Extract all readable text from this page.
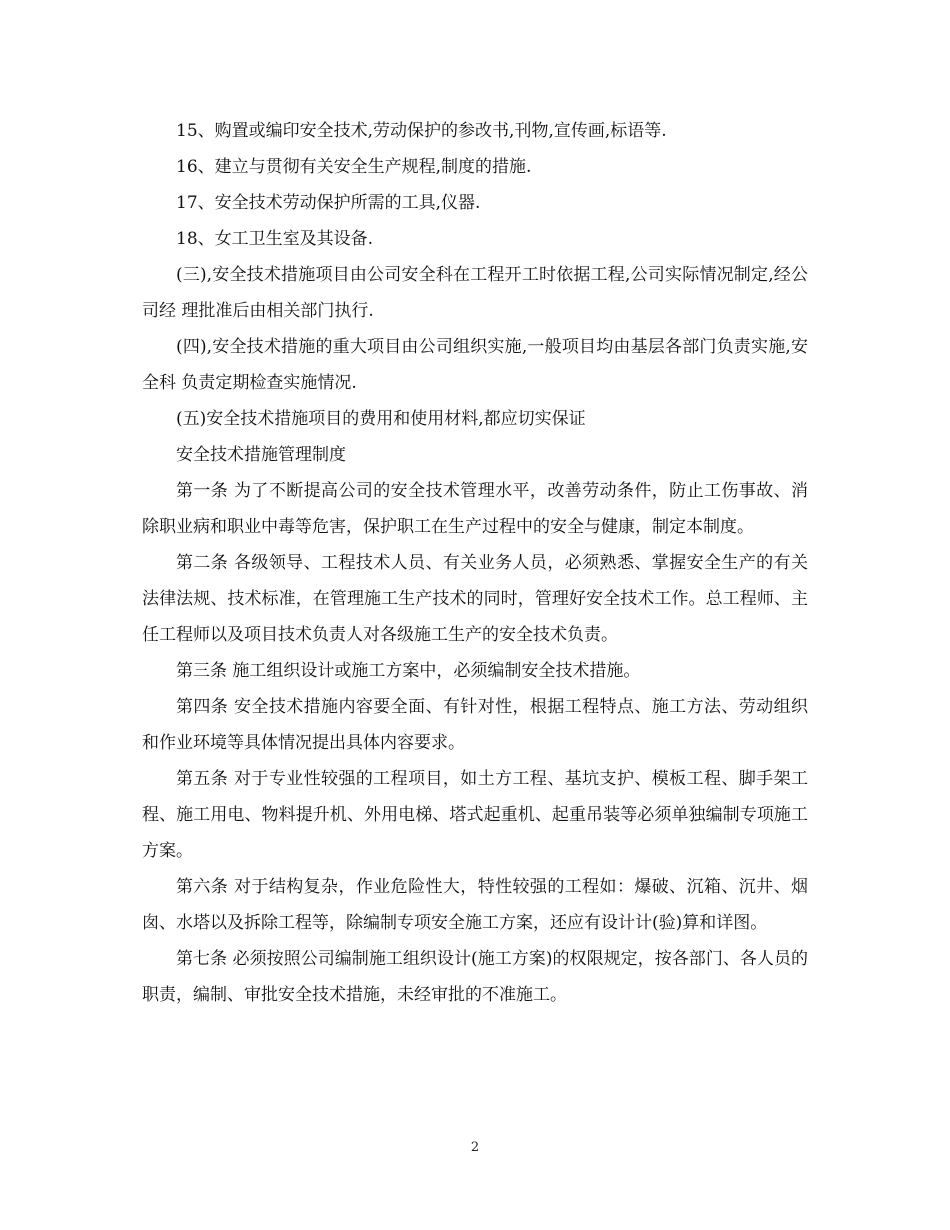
15、购置或编印安全技术,劳动保护的参改书,刊物,宣传画,标语等.

16、建立与贯彻有关安全生产规程,制度的措施.

17、安全技术劳动保护所需的工具,仪器.

18、女工卫生室及其设备.

(三),安全技术措施项目由公司安全科在工程开工时依据工程,公司实际情况制定,经公司经 理批准后由相关部门执行.

(四),安全技术措施的重大项目由公司组织实施,一般项目均由基层各部门负责实施,安全科 负责定期检查实施情况.

(五)安全技术措施项目的费用和使用材料,都应切实保证

安全技术措施管理制度

第一条 为了不断提高公司的安全技术管理水平，改善劳动条件，防止工伤事故、消除职业病和职业中毒等危害，保护职工在生产过程中的安全与健康，制定本制度。

第二条 各级领导、工程技术人员、有关业务人员，必须熟悉、掌握安全生产的有关法律法规、技术标准，在管理施工生产技术的同时，管理好安全技术工作。总工程师、主任工程师以及项目技术负责人对各级施工生产的安全技术负责。

第三条 施工组织设计或施工方案中，必须编制安全技术措施。

第四条 安全技术措施内容要全面、有针对性，根据工程特点、施工方法、劳动组织和作业环境等具体情况提出具体内容要求。

第五条 对于专业性较强的工程项目，如土方工程、基坑支护、模板工程、脚手架工程、施工用电、物料提升机、外用电梯、塔式起重机、起重吊装等必须单独编制专项施工方案。

第六条 对于结构复杂，作业危险性大，特性较强的工程如：爆破、沉箱、沉井、烟囱、水塔以及拆除工程等，除编制专项安全施工方案，还应有设计计(验)算和详图。

第七条 必须按照公司编制施工组织设计(施工方案)的权限规定，按各部门、各人员的职责，编制、审批安全技术措施，未经审批的不准施工。

2
